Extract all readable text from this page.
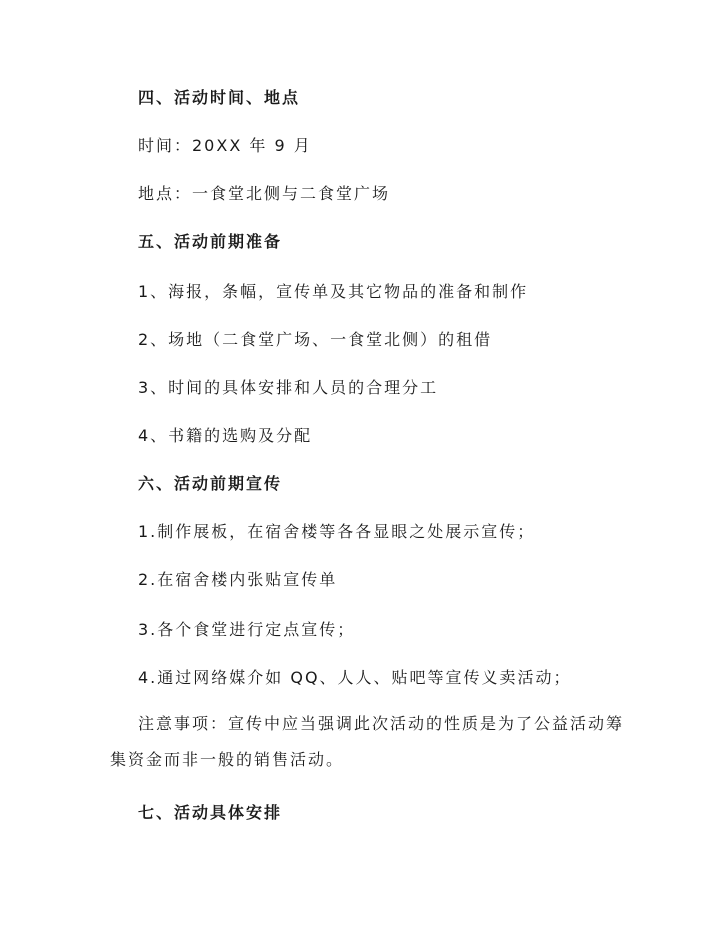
四、活动时间、地点
时间：20XX 年 9 月
地点：一食堂北侧与二食堂广场
五、活动前期准备
1、海报，条幅，宣传单及其它物品的准备和制作
2、场地（二食堂广场、一食堂北侧）的租借
3、时间的具体安排和人员的合理分工
4、书籍的选购及分配
六、活动前期宣传
1.制作展板，在宿舍楼等各各显眼之处展示宣传；
2.在宿舍楼内张贴宣传单
3.各个食堂进行定点宣传；
4.通过网络媒介如 QQ、人人、贴吧等宣传义卖活动；
注意事项：宣传中应当强调此次活动的性质是为了公益活动筹集资金而非一般的销售活动。
七、活动具体安排
